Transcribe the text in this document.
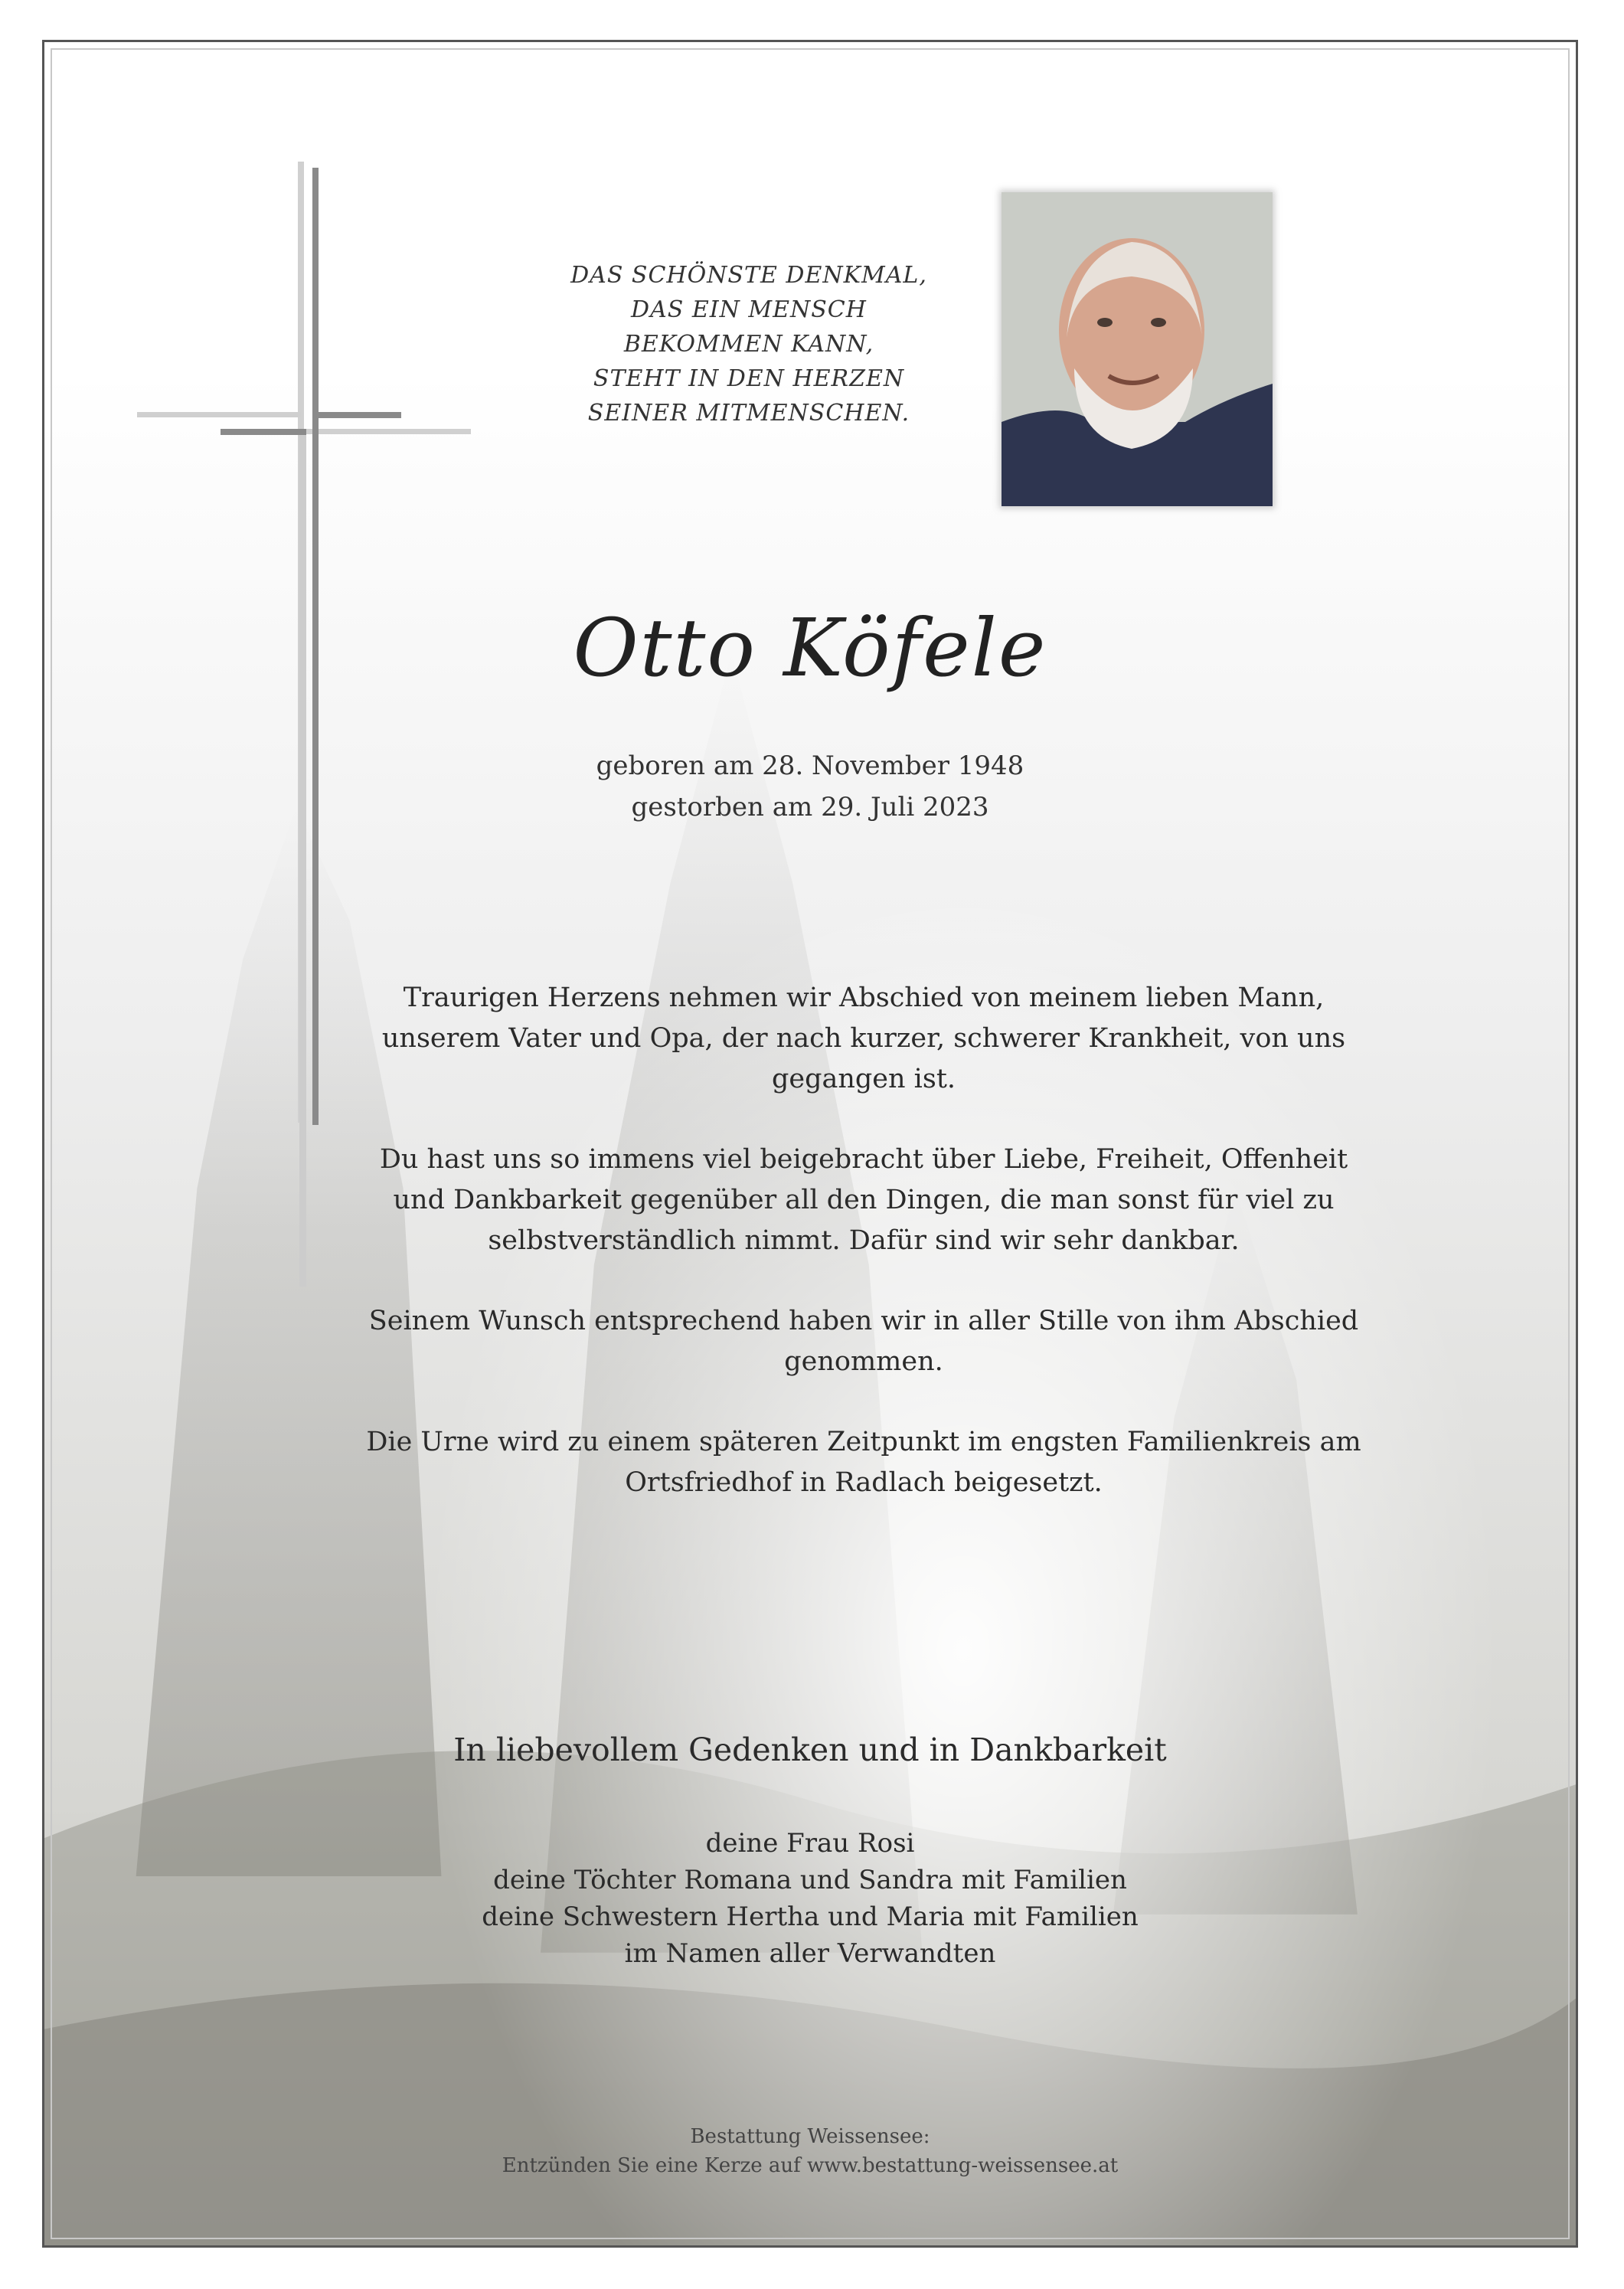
DAS SCHÖNSTE DENKMAL,
DAS EIN MENSCH
BEKOMMEN KANN,
STEHT IN DEN HERZEN
SEINER MITMENSCHEN.
Otto Köfele
geboren am 28. November 1948
gestorben am 29. Juli 2023

Traurigen Herzens nehmen wir Abschied von meinem lieben Mann, unserem Vater und Opa, der nach kurzer, schwerer Krankheit, von uns gegangen ist.

Du hast uns so immens viel beigebracht über Liebe, Freiheit, Offenheit und Dankbarkeit gegenüber all den Dingen, die man sonst für viel zu selbstverständlich nimmt. Dafür sind wir sehr dankbar.

Seinem Wunsch entsprechend haben wir in aller Stille von ihm Abschied genommen.

Die Urne wird zu einem späteren Zeitpunkt im engsten Familienkreis am Ortsfriedhof in Radlach beigesetzt.

In liebevollem Gedenken und in Dankbarkeit
deine Frau Rosi
deine Töchter Romana und Sandra mit Familien
deine Schwestern Hertha und Maria mit Familien
im Namen aller Verwandten
Bestattung Weissensee:
Entzünden Sie eine Kerze auf www.bestattung-weissensee.at
